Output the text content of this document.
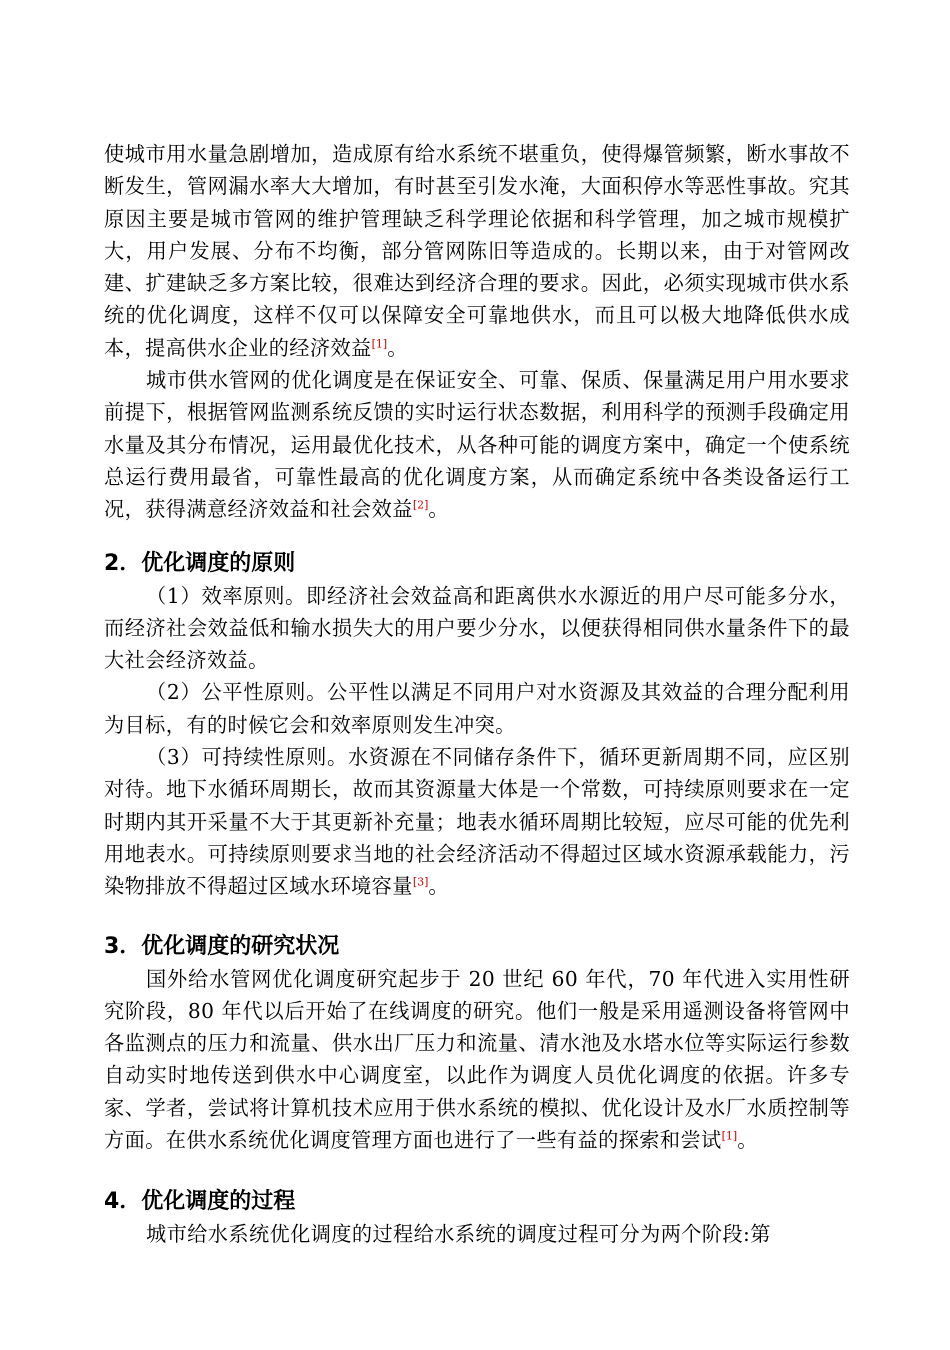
使城市用水量急剧增加，造成原有给水系统不堪重负，使得爆管频繁，断水事故不断发生，管网漏水率大大增加，有时甚至引发水淹，大面积停水等恶性事故。究其原因主要是城市管网的维护管理缺乏科学理论依据和科学管理，加之城市规模扩大，用户发展、分布不均衡，部分管网陈旧等造成的。长期以来，由于对管网改建、扩建缺乏多方案比较，很难达到经济合理的要求。因此，必须实现城市供水系统的优化调度，这样不仅可以保障安全可靠地供水，而且可以极大地降低供水成本，提高供水企业的经济效益[1]。

城市供水管网的优化调度是在保证安全、可靠、保质、保量满足用户用水要求前提下，根据管网监测系统反馈的实时运行状态数据，利用科学的预测手段确定用水量及其分布情况，运用最优化技术，从各种可能的调度方案中，确定一个使系统总运行费用最省，可靠性最高的优化调度方案，从而确定系统中各类设备运行工况，获得满意经济效益和社会效益[2]。

2．优化调度的原则

（1）效率原则。即经济社会效益高和距离供水水源近的用户尽可能多分水，而经济社会效益低和输水损失大的用户要少分水，以便获得相同供水量条件下的最大社会经济效益。

（2）公平性原则。公平性以满足不同用户对水资源及其效益的合理分配利用为目标，有的时候它会和效率原则发生冲突。

（3）可持续性原则。水资源在不同储存条件下，循环更新周期不同，应区别对待。地下水循环周期长，故而其资源量大体是一个常数，可持续原则要求在一定时期内其开采量不大于其更新补充量；地表水循环周期比较短，应尽可能的优先利用地表水。可持续原则要求当地的社会经济活动不得超过区域水资源承载能力，污染物排放不得超过区域水环境容量[3]。

3．优化调度的研究状况

国外给水管网优化调度研究起步于 20 世纪 60 年代，70 年代进入实用性研究阶段，80 年代以后开始了在线调度的研究。他们一般是采用遥测设备将管网中各监测点的压力和流量、供水出厂压力和流量、清水池及水塔水位等实际运行参数自动实时地传送到供水中心调度室，以此作为调度人员优化调度的依据。许多专家、学者，尝试将计算机技术应用于供水系统的模拟、优化设计及水厂水质控制等方面。在供水系统优化调度管理方面也进行了一些有益的探索和尝试[1]。

4．优化调度的过程

城市给水系统优化调度的过程给水系统的调度过程可分为两个阶段:第
